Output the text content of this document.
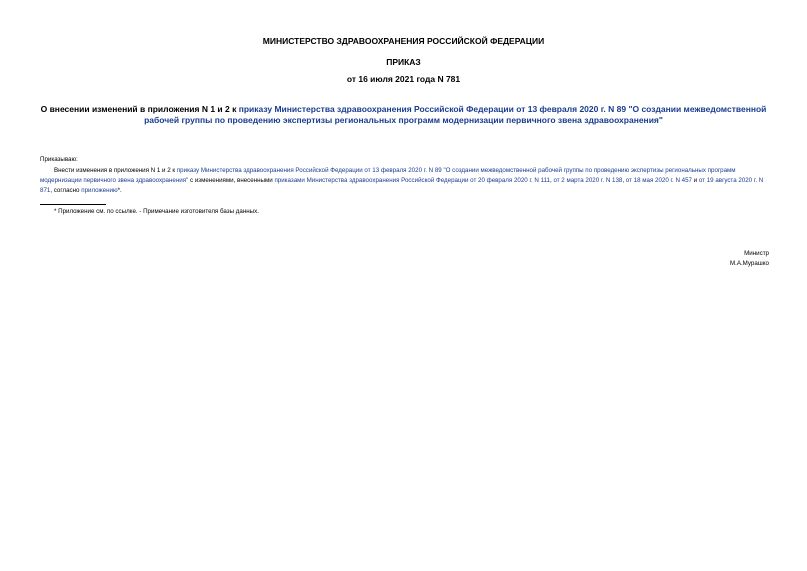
МИНИСТЕРСТВО ЗДРАВООХРАНЕНИЯ РОССИЙСКОЙ ФЕДЕРАЦИИ
ПРИКАЗ
от 16 июля 2021 года N 781
О внесении изменений в приложения N 1 и 2 к приказу Министерства здравоохранения Российской Федерации от 13 февраля 2020 г. N 89 "О создании межведомственной рабочей группы по проведению экспертизы региональных программ модернизации первичного звена здравоохранения"
Приказываю:
Внести изменения в приложения N 1 и 2 к приказу Министерства здравоохранения Российской Федерации от 13 февраля 2020 г. N 89 "О создании межведомственной рабочей группы по проведению экспертизы региональных программ модернизации первичного звена здравоохранения" с изменениями, внесенными приказами Министерства здравоохранения Российской Федерации от 20 февраля 2020 г. N 111, от 2 марта 2020 г. N 138, от 18 мая 2020 г. N 457 и от 19 августа 2020 г. N 871, согласно приложению*.
* Приложение см. по ссылке. - Примечание изготовителя базы данных.
Министр
М.А.Мурашко
